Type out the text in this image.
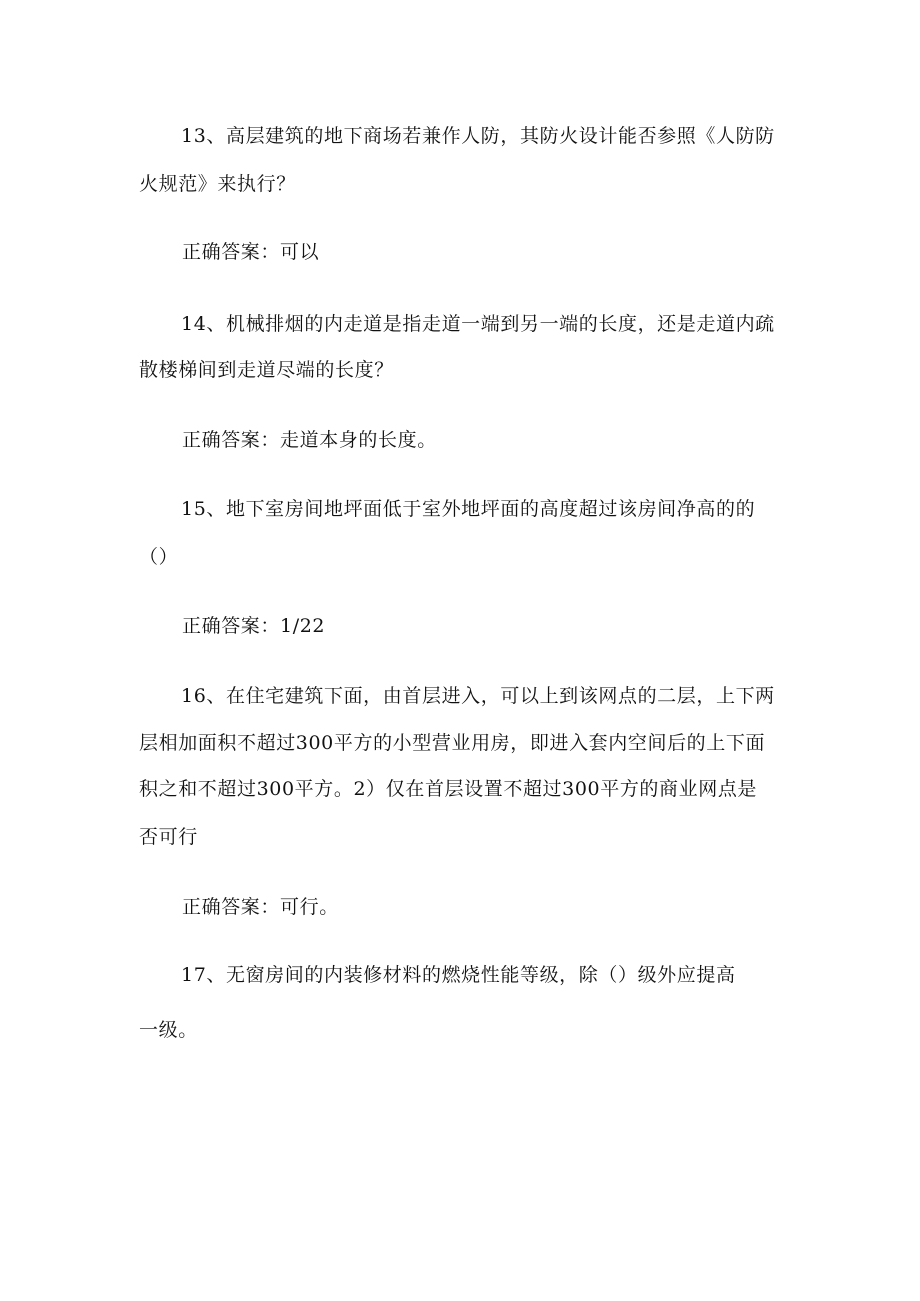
13、高层建筑的地下商场若兼作人防，其防火设计能否参照《人防防
火规范》来执行？
正确答案：可以
14、机械排烟的内走道是指走道一端到另一端的长度，还是走道内疏
散楼梯间到走道尽端的长度？
正确答案：走道本身的长度。
15、地下室房间地坪面低于室外地坪面的高度超过该房间净高的的
（）
正确答案：1/22
16、在住宅建筑下面，由首层进入，可以上到该网点的二层，上下两
层相加面积不超过300平方的小型营业用房，即进入套内空间后的上下面
积之和不超过300平方。2）仅在首层设置不超过300平方的商业网点是
否可行
正确答案：可行。
17、无窗房间的内装修材料的燃烧性能等级，除（）级外应提高
一级。
